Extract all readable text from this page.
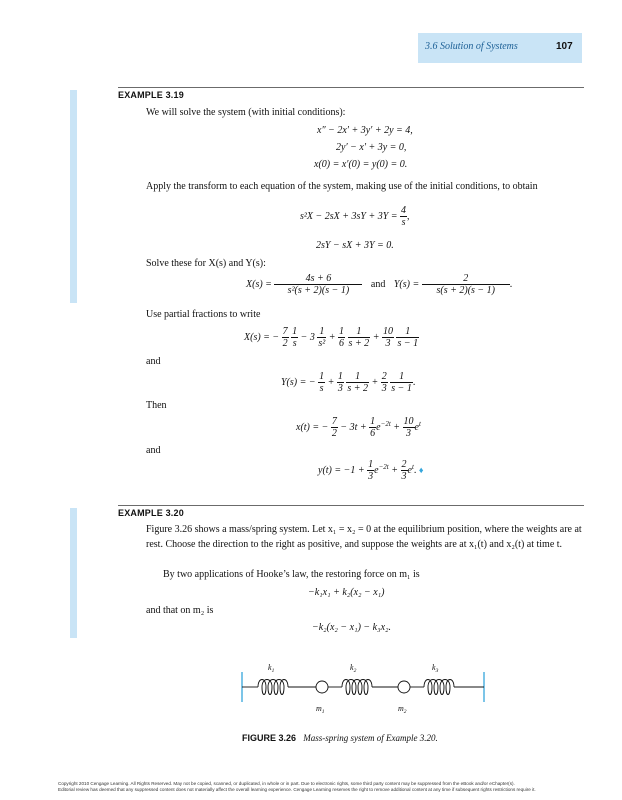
3.6 Solution of Systems	107
EXAMPLE 3.19
We will solve the system (with initial conditions):
x″ − 2x′ + 3y′ + 2y = 4,
2y′ − x′ + 3y = 0,
x(0) = x′(0) = y(0) = 0.
Apply the transform to each equation of the system, making use of the initial conditions, to obtain
$s^2X - 2sX + 3sY + 3Y = \frac{4}{s}$ ,
2sY − sX + 3Y = 0.
Solve these for X(s) and Y(s):
$X(s) = \frac{4s + 6}{\text{s²(s + 2)(s − 1)}}$ and $Y(s) = \frac{2}{s(s + 2)(s - 1)}$ .
Use partial fractions to write
X(s) = − $\frac{7}{2}$
$\frac{1}{s} - 3 \frac{1}{\text{s²}} + \frac{1}{6}$
$\frac{1}{s + 2} + \frac{10}{3}$
$\frac{1}{s - 1}$
and
Y(s) = − $\frac{1}{s} + \frac{1}{3}$
$\frac{1}{s + 2} + \frac{2}{3}$
$\frac{1}{s - 1}$ .
Then
x(t) = − $\frac{7}{2} - 3t + \frac{1}{6} e^{-2t} + \frac{10}{3} e^t$
and
$y(t) = -1 + \frac{1}{3} e^{-2t} + \frac{2}{3} e^t$. ♦
EXAMPLE 3.20
Figure 3.26 shows a mass/spring system. Let x₁ = x₂ = 0 at the equilibrium position, where the weights are at rest. Choose the direction to the right as positive, and suppose the weights are at x₁(t) and x₂(t) at time t.
By two applications of Hooke’s law, the restoring force on m₁ is
−k₁x₁ + k₂(x₂ − x₁)
and that on m₂ is
−k₂(x₂ − x₁) − k₃x₂.
$k_1$	$k_2$	$k_3$
$m_1$	$m_2$
FIGURE 3.26 Mass-spring system of Example 3.20.
Copyright 2010 Cengage Learning. All Rights Reserved. May not be copied, scanned, or duplicated, in whole or in part. Due to electronic rights, some third party content may be suppressed from the eBook and/or eChapter(s).
Editorial review has deemed that any suppressed content does not materially affect the overall learning experience. Cengage Learning reserves the right to remove additional content at any time if subsequent rights restrictions require it.
